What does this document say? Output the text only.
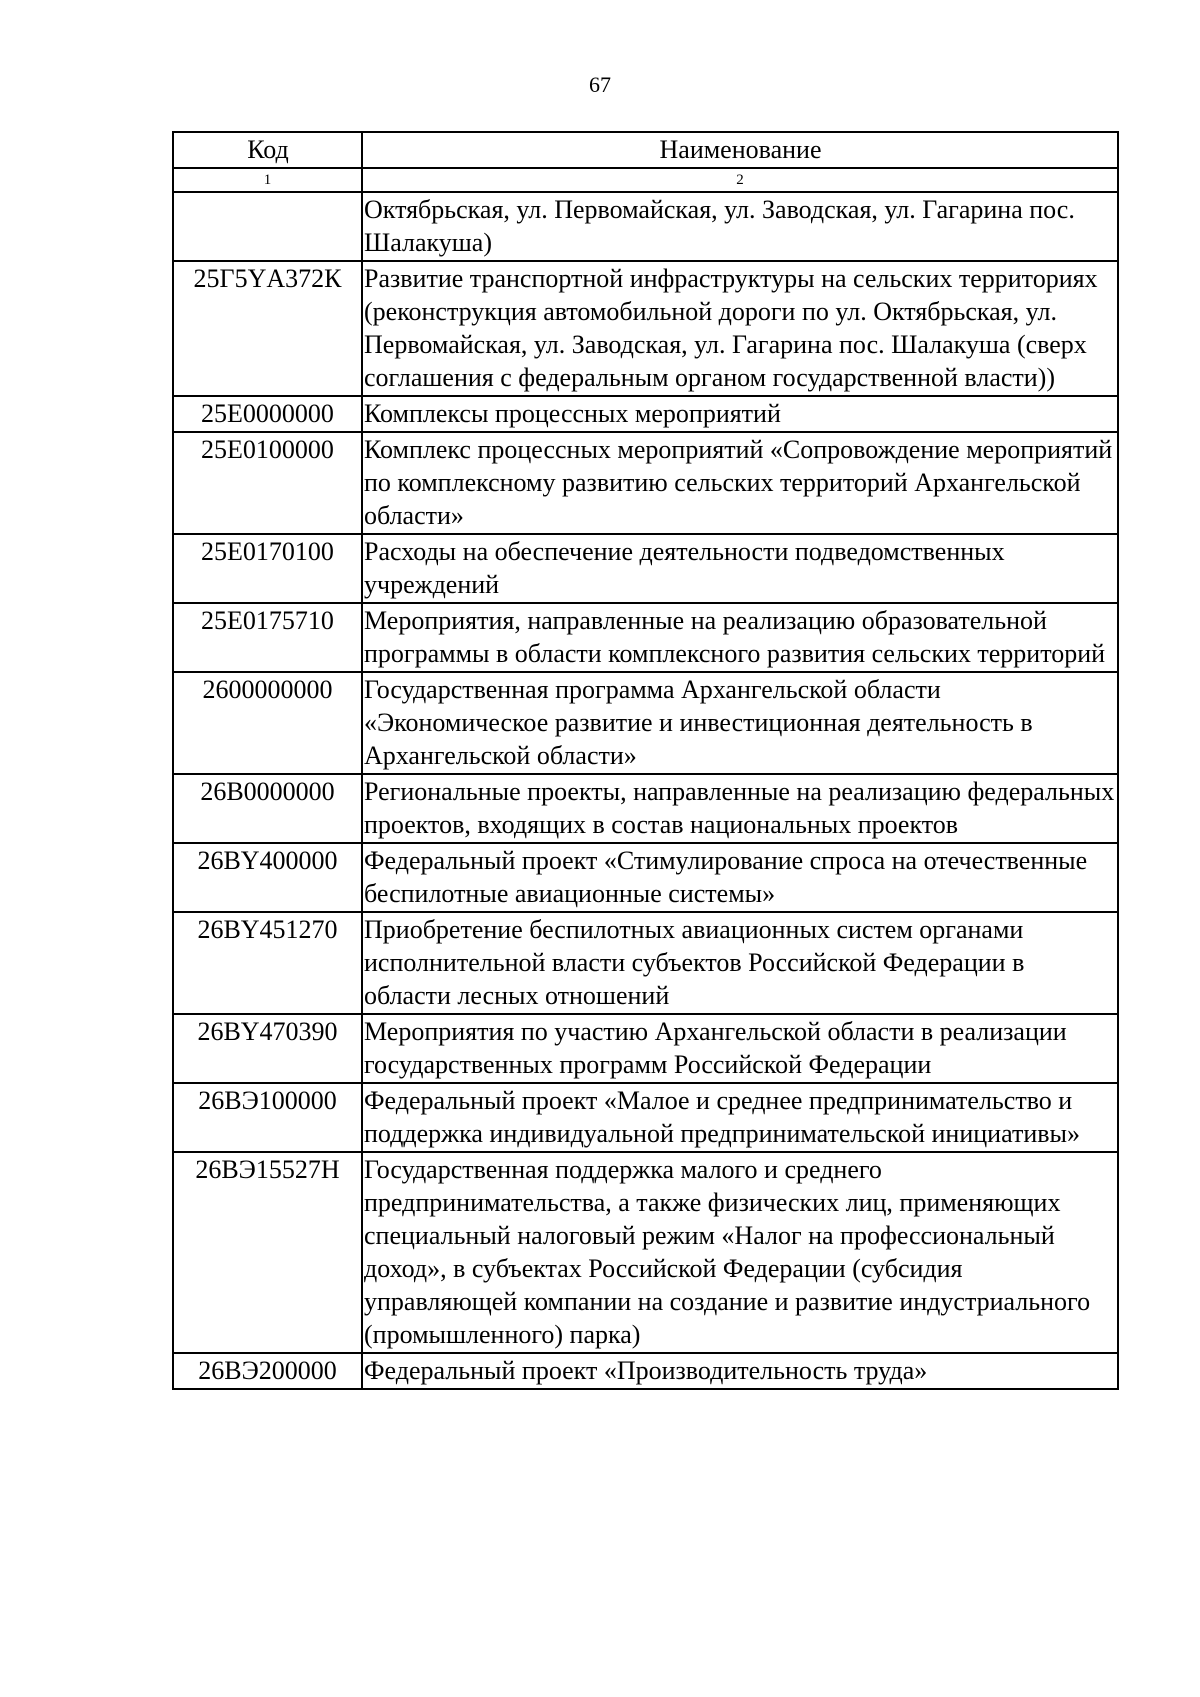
67
Код	Наименование
1	2
	Октябрьская, ул. Первомайская, ул. Заводская, ул. Гагарина пос. Шалакуша)
25Г5YА372К	Развитие транспортной инфраструктуры на сельских территориях (реконструкция автомобильной дороги по ул. Октябрьская, ул. Первомайская, ул. Заводская, ул. Гагарина пос. Шалакуша (сверх соглашения с федеральным органом государственной власти))
25Е0000000	Комплексы процессных мероприятий
25Е0100000	Комплекс процессных мероприятий «Сопровождение мероприятий по комплексному развитию сельских территорий Архангельской области»
25Е0170100	Расходы на обеспечение деятельности подведомственных учреждений
25Е0175710	Мероприятия, направленные на реализацию образовательной программы в области комплексного развития сельских территорий
2600000000	Государственная программа Архангельской области «Экономическое развитие и инвестиционная деятельность в Архангельской области»
26В0000000	Региональные проекты, направленные на реализацию федеральных проектов, входящих в состав национальных проектов
26ВY400000	Федеральный проект «Стимулирование спроса на отечественные беспилотные авиационные системы»
26ВY451270	Приобретение беспилотных авиационных систем органами исполнительной власти субъектов Российской Федерации в области лесных отношений
26ВY470390	Мероприятия по участию Архангельской области в реализации государственных программ Российской Федерации
26ВЭ100000	Федеральный проект «Малое и среднее предпринимательство и поддержка индивидуальной предпринимательской инициативы»
26ВЭ15527Н	Государственная поддержка малого и среднего предпринимательства, а также физических лиц, применяющих специальный налоговый режим «Налог на профессиональный доход», в субъектах Российской Федерации (субсидия управляющей компании на создание и развитие индустриального (промышленного) парка)
26ВЭ200000	Федеральный проект «Производительность труда»
